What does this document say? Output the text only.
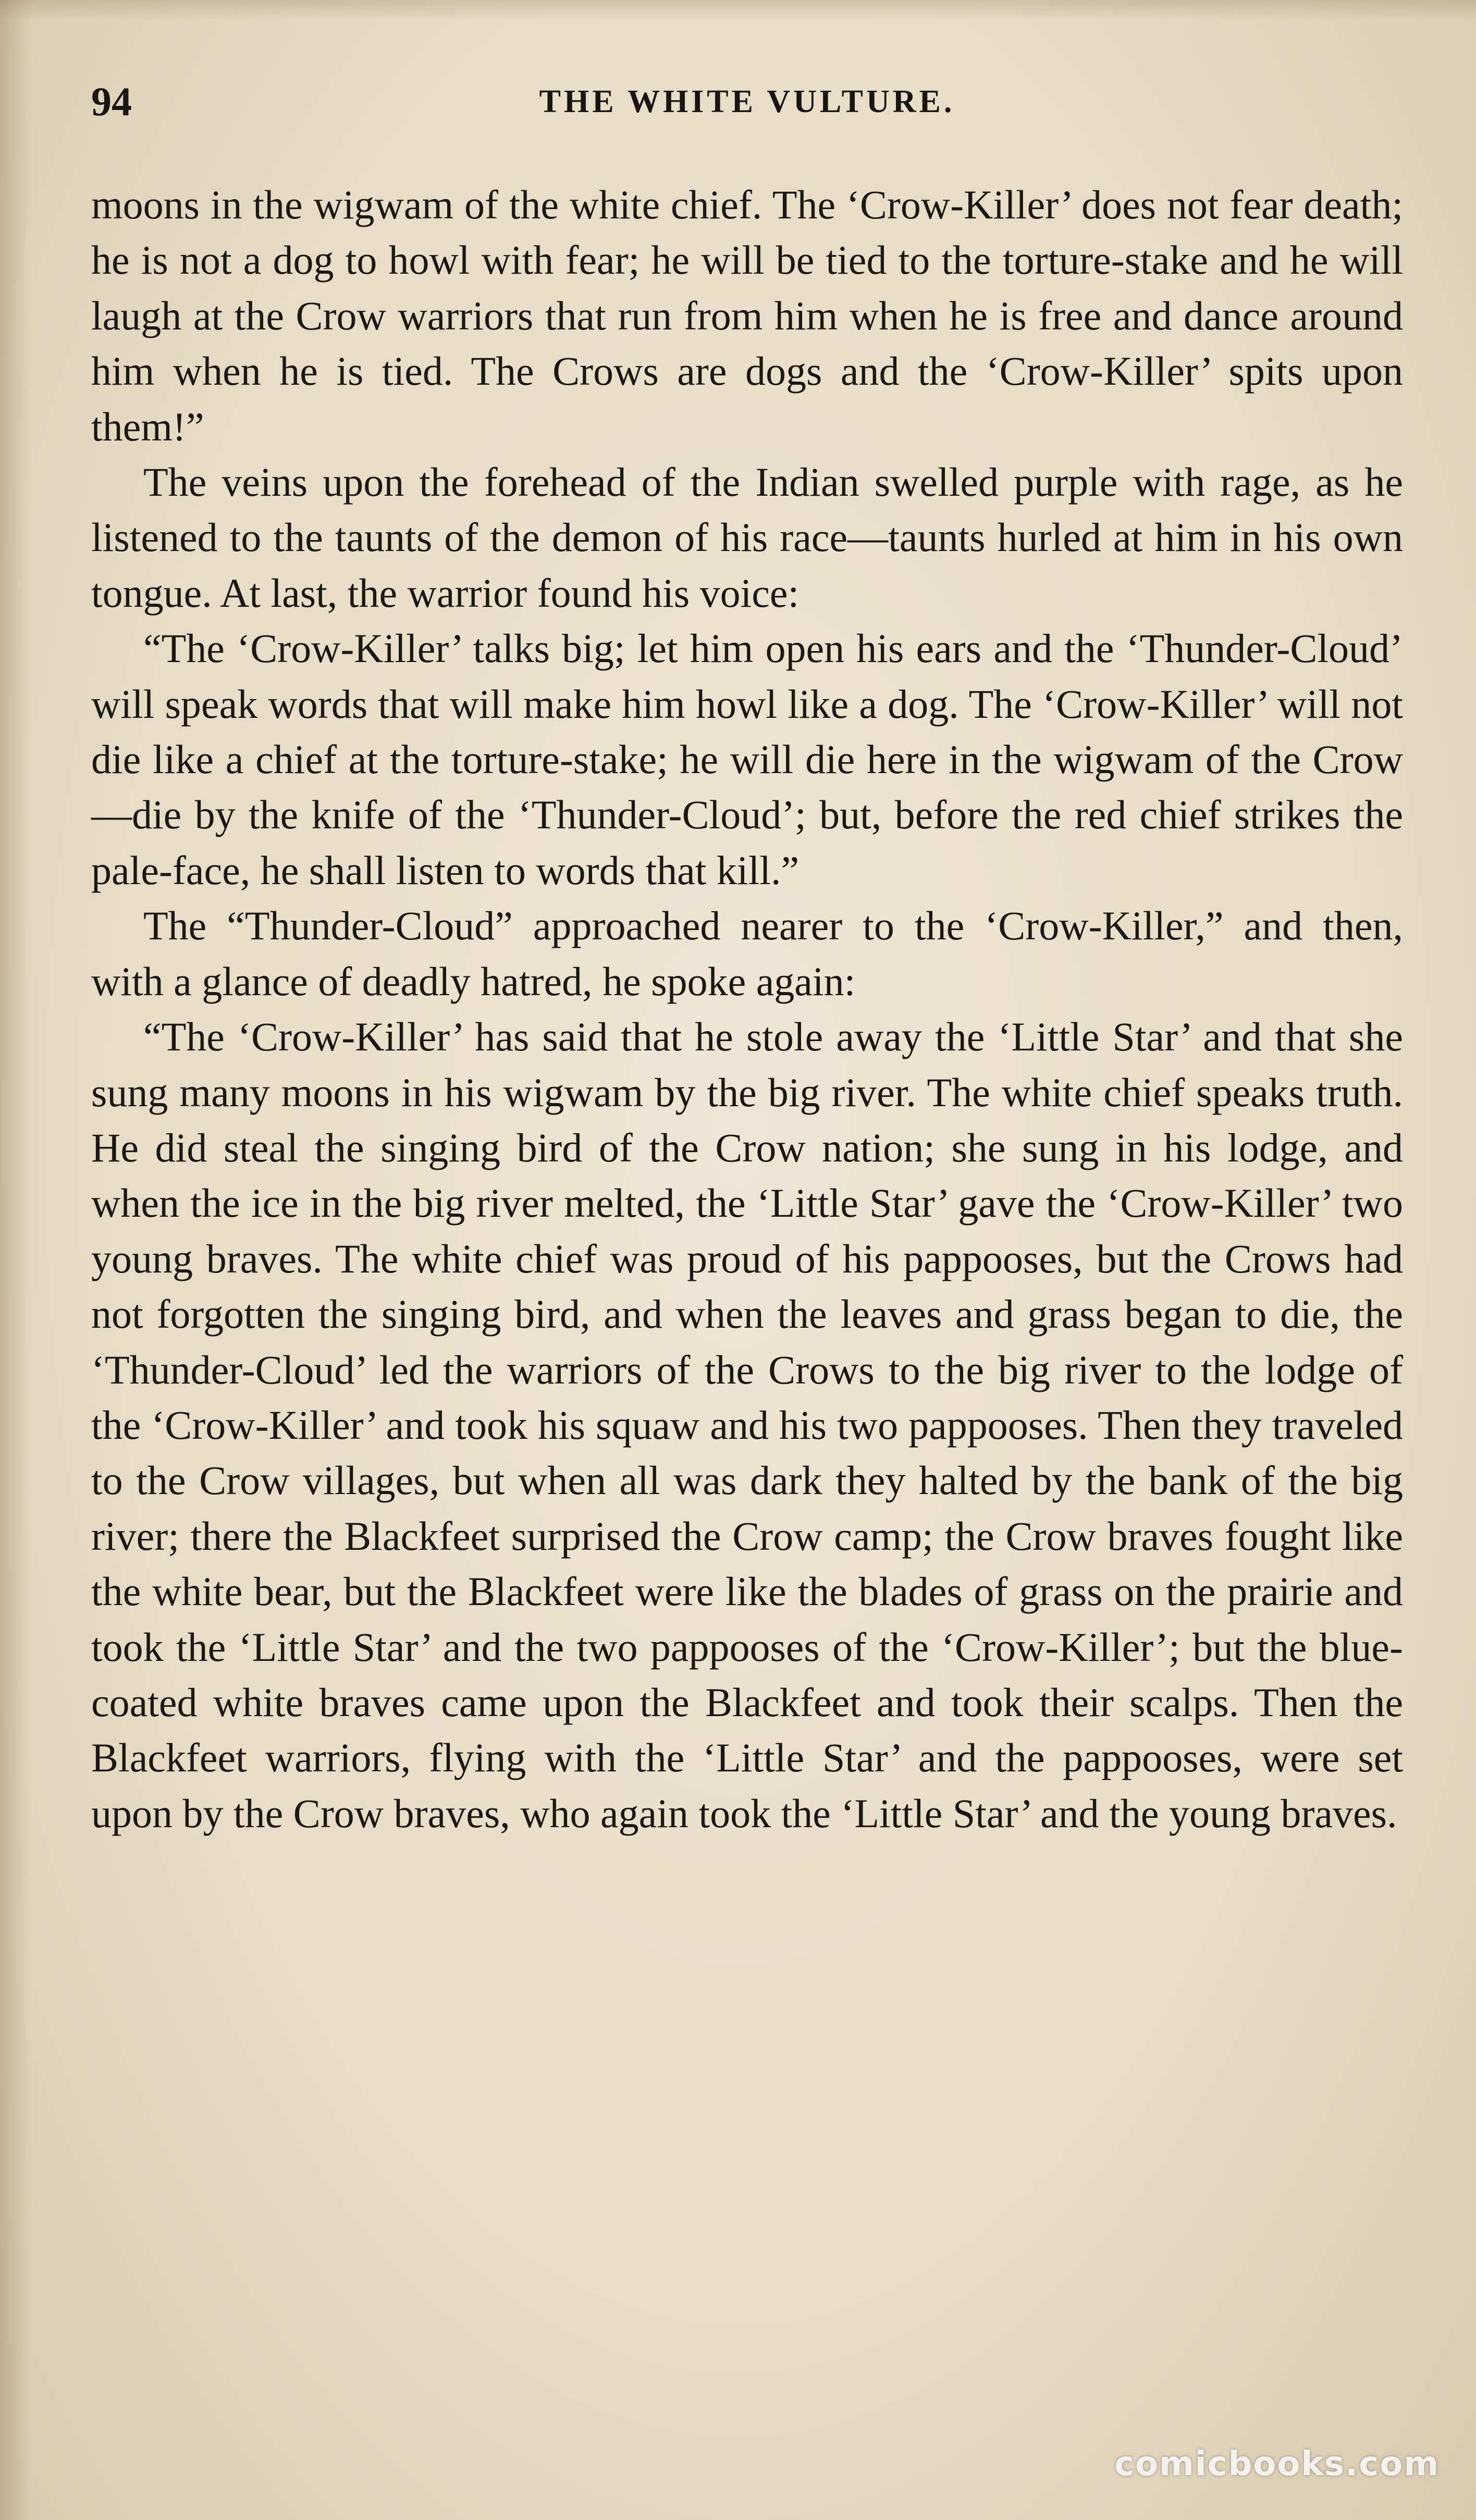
94	THE WHITE VULTURE.

moons in the wigwam of the white chief. The ‘Crow-Killer’ does not fear death; he is not a dog to howl with fear; he will be tied to the torture-stake and he will laugh at the Crow warriors that run from him when he is free and dance around him when he is tied. The Crows are dogs and the ‘Crow-Killer’ spits upon them!”

The veins upon the forehead of the Indian swelled purple with rage, as he listened to the taunts of the demon of his race—taunts hurled at him in his own tongue. At last, the warrior found his voice:

“The ‘Crow-Killer’ talks big; let him open his ears and the ‘Thunder-Cloud’ will speak words that will make him howl like a dog. The ‘Crow-Killer’ will not die like a chief at the torture-stake; he will die here in the wigwam of the Crow—die by the knife of the ‘Thunder-Cloud’; but, before the red chief strikes the pale-face, he shall listen to words that kill.”

The “Thunder-Cloud” approached nearer to the ‘Crow-Killer,” and then, with a glance of deadly hatred, he spoke again:

“The ‘Crow-Killer’ has said that he stole away the ‘Little Star’ and that she sung many moons in his wigwam by the big river. The white chief speaks truth. He did steal the singing bird of the Crow nation; she sung in his lodge, and when the ice in the big river melted, the ‘Little Star’ gave the ‘Crow-Killer’ two young braves. The white chief was proud of his pappooses, but the Crows had not forgotten the singing bird, and when the leaves and grass began to die, the ‘Thunder-Cloud’ led the warriors of the Crows to the big river to the lodge of the ‘Crow-Killer’ and took his squaw and his two pappooses. Then they traveled to the Crow villages, but when all was dark they halted by the bank of the big river; there the Blackfeet surprised the Crow camp; the Crow braves fought like the white bear, but the Blackfeet were like the blades of grass on the prairie and took the ‘Little Star’ and the two pappooses of the ‘Crow-Killer’; but the blue-coated white braves came upon the Blackfeet and took their scalps. Then the Blackfeet warriors, flying with the ‘Little Star’ and the pappooses, were set upon by the Crow braves, who again took the ‘Little Star’ and the young braves.

comicbooks.com
